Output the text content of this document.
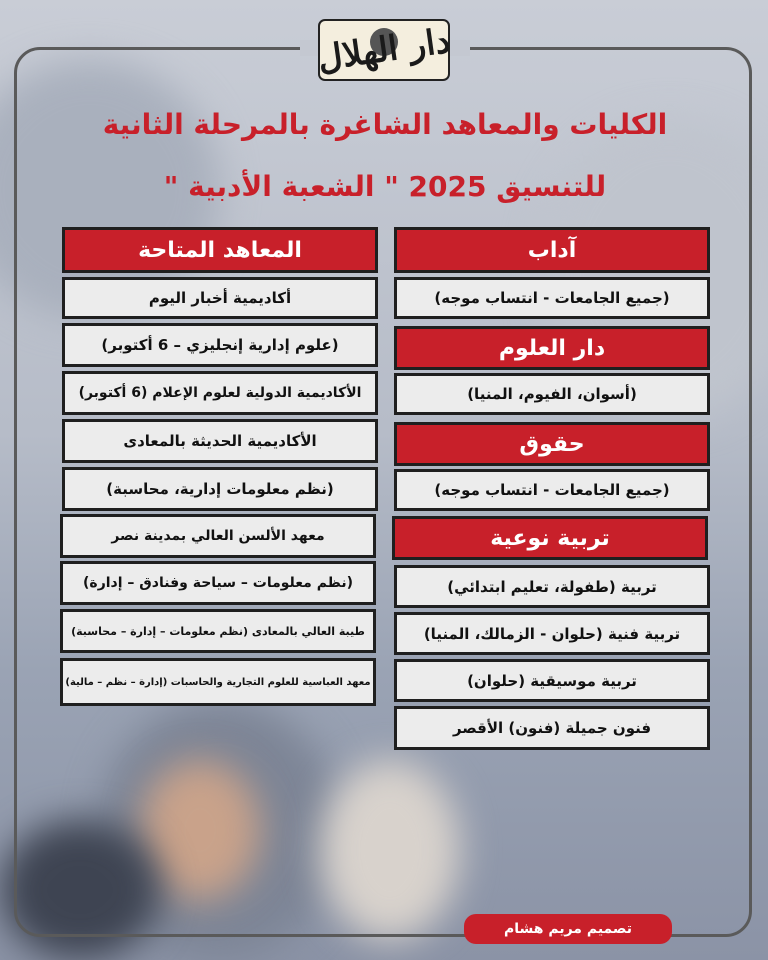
دار الهلال
الكليات والمعاهد الشاغرة بالمرحلة الثانية
للتنسيق 2025 " الشعبة الأدبية "
آداب
(جميع الجامعات - انتساب موجه)
دار العلوم
(أسوان، الفيوم، المنيا)
حقوق
(جميع الجامعات - انتساب موجه)
تربية نوعية
تربية (طفولة، تعليم ابتدائي)
تربية فنية (حلوان - الزمالك، المنيا)
تربية موسيقية (حلوان)
فنون جميلة (فنون) الأقصر
المعاهد المتاحة
أكاديمية أخبار اليوم
(علوم إدارية إنجليزي – 6 أكتوبر)
الأكاديمية الدولية لعلوم الإعلام (6 أكتوبر)
الأكاديمية الحديثة بالمعادى
(نظم معلومات إدارية، محاسبة)
معهد الألسن العالي بمدينة نصر
(نظم معلومات – سياحة وفنادق – إدارة)
طيبة العالي بالمعادى (نظم معلومات – إدارة – محاسبة)
معهد العباسية للعلوم التجارية والحاسبات (إدارة – نظم – مالية)
تصميم مريم هشام
